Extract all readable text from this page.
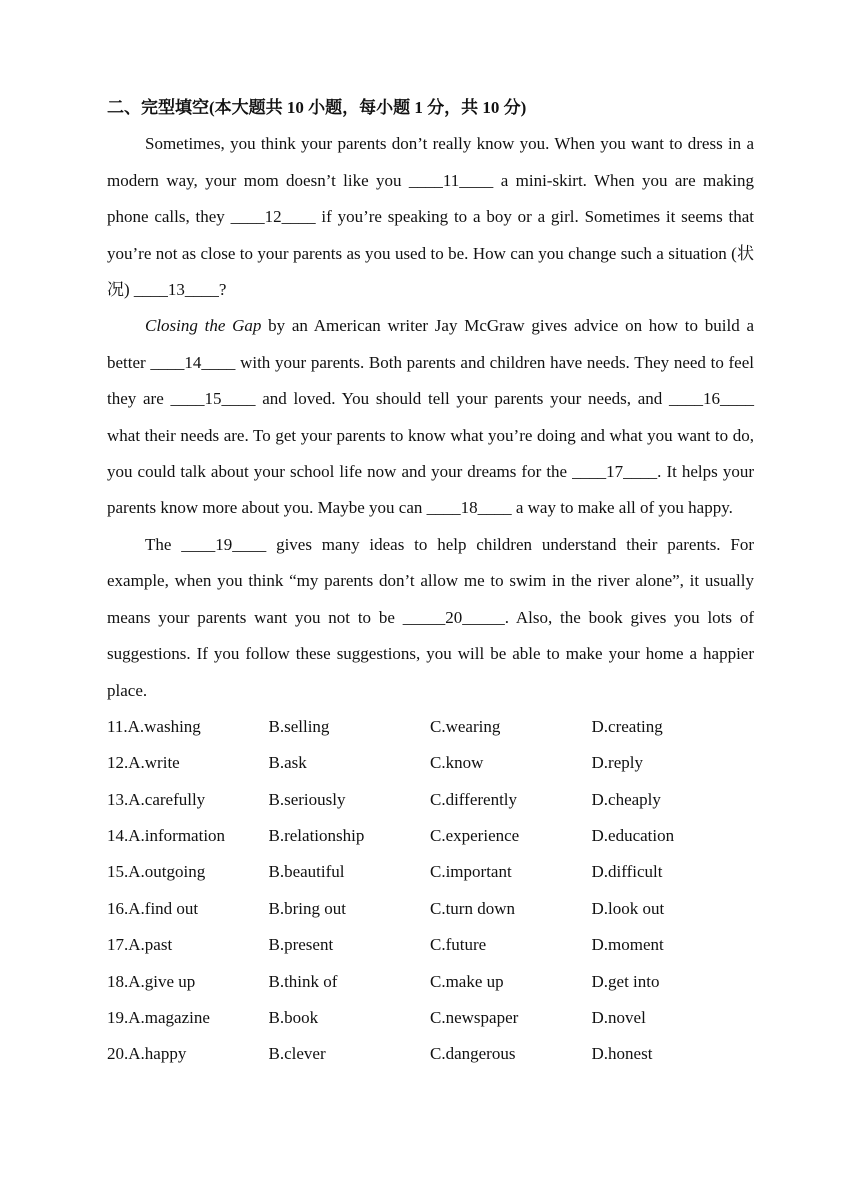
二、完型填空(本大题共 10 小题，每小题 1 分，共 10 分)

Sometimes, you think your parents don’t really know you. When you want to dress in a modern way, your mom doesn’t like you ____11____ a mini-skirt. When you are making phone calls, they ____12____ if you’re speaking to a boy or a girl. Sometimes it seems that you’re not as close to your parents as you used to be. How can you change such a situation (状况) ____13____?

Closing the Gap by an American writer Jay McGraw gives advice on how to build a better ____14____ with your parents. Both parents and children have needs. They need to feel they are ____15____ and loved. You should tell your parents your needs, and ____16____ what their needs are. To get your parents to know what you’re doing and what you want to do, you could talk about your school life now and your dreams for the ____17____. It helps your parents know more about you. Maybe you can ____18____ a way to make all of you happy.

The ____19____ gives many ideas to help children understand their parents. For example, when you think “my parents don’t allow me to swim in the river alone”, it usually means your parents want you not to be _____20_____. Also, the book gives you lots of suggestions. If you follow these suggestions, you will be able to make your home a happier place.

11.A.washing	B.selling	C.wearing	D.creating
12.A.write	B.ask	C.know	D.reply
13.A.carefully	B.seriously	C.differently	D.cheaply
14.A.information	B.relationship	C.experience	D.education
15.A.outgoing	B.beautiful	C.important	D.difficult
16.A.find out	B.bring out	C.turn down	D.look out
17.A.past	B.present	C.future	D.moment
18.A.give up	B.think of	C.make up	D.get into
19.A.magazine	B.book	C.newspaper	D.novel
20.A.happy	B.clever	C.dangerous	D.honest
